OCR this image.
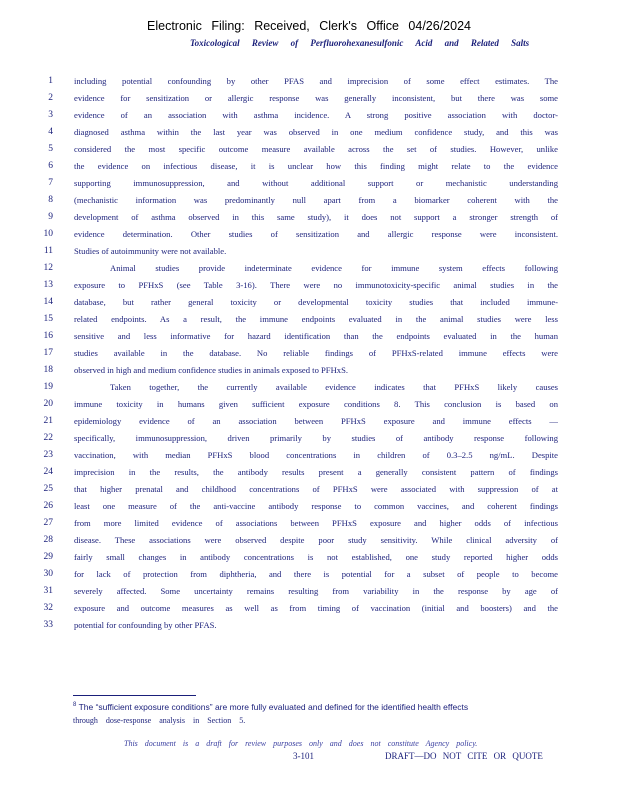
Electronic Filing: Received, Clerk's Office 04/26/2024
Toxicological Review of Perfluorohexanesulfonic Acid and Related Salts
1 including potential confounding by other PFAS and imprecision of some effect estimates. The
2 evidence for sensitization or allergic response was generally inconsistent, but there was some
3 evidence of an association with asthma incidence. A strong positive association with doctor-
4 diagnosed asthma within the last year was observed in one medium confidence study, and this was
5 considered the most specific outcome measure available across the set of studies. However, unlike
6 the evidence on infectious disease, it is unclear how this finding might relate to the evidence
7 supporting immunosuppression, and without additional support or mechanistic understanding
8 (mechanistic information was predominantly null apart from a biomarker coherent with the
9 development of asthma observed in this same study), it does not support a stronger strength of
10 evidence determination. Other studies of sensitization and allergic response were inconsistent.
11 Studies of autoimmunity were not available.
12	Animal studies provide indeterminate evidence for immune system effects following
13 exposure to PFHxS (see Table 3-16). There were no immunotoxicity-specific animal studies in the
14 database, but rather general toxicity or developmental toxicity studies that included immune-
15 related endpoints. As a result, the immune endpoints evaluated in the animal studies were less
16 sensitive and less informative for hazard identification than the endpoints evaluated in the human
17 studies available in the database. No reliable findings of PFHxS-related immune effects were
18 observed in high and medium confidence studies in animals exposed to PFHxS.
19	Taken together, the currently available evidence indicates that PFHxS likely causes
20 immune toxicity in humans given sufficient exposure conditions 8. This conclusion is based on
21 epidemiology evidence of an association between PFHxS exposure and immune effects —
22 specifically, immunosuppression, driven primarily by studies of antibody response following
23 vaccination, with median PFHxS blood concentrations in children of 0.3–2.5 ng/mL. Despite
24 imprecision in the results, the antibody results present a generally consistent pattern of findings
25 that higher prenatal and childhood concentrations of PFHxS were associated with suppression of at
26 least one measure of the anti-vaccine antibody response to common vaccines, and coherent findings
27 from more limited evidence of associations between PFHxS exposure and higher odds of infectious
28 disease. These associations were observed despite poor study sensitivity. While clinical adversity of
29 fairly small changes in antibody concentrations is not established, one study reported higher odds
30 for lack of protection from diphtheria, and there is potential for a subset of people to become
31 severely affected. Some uncertainty remains resulting from variability in the response by age of
32 exposure and outcome measures as well as from timing of vaccination (initial and boosters) and the
33 potential for confounding by other PFAS.
$^8$ The “sufficient exposure conditions” are more fully evaluated and defined for the identified health effects
through dose-response analysis in Section 5.
This document is a draft for review purposes only and does not constitute Agency policy.
3-101	DRAFT—DO NOT CITE OR QUOTE
